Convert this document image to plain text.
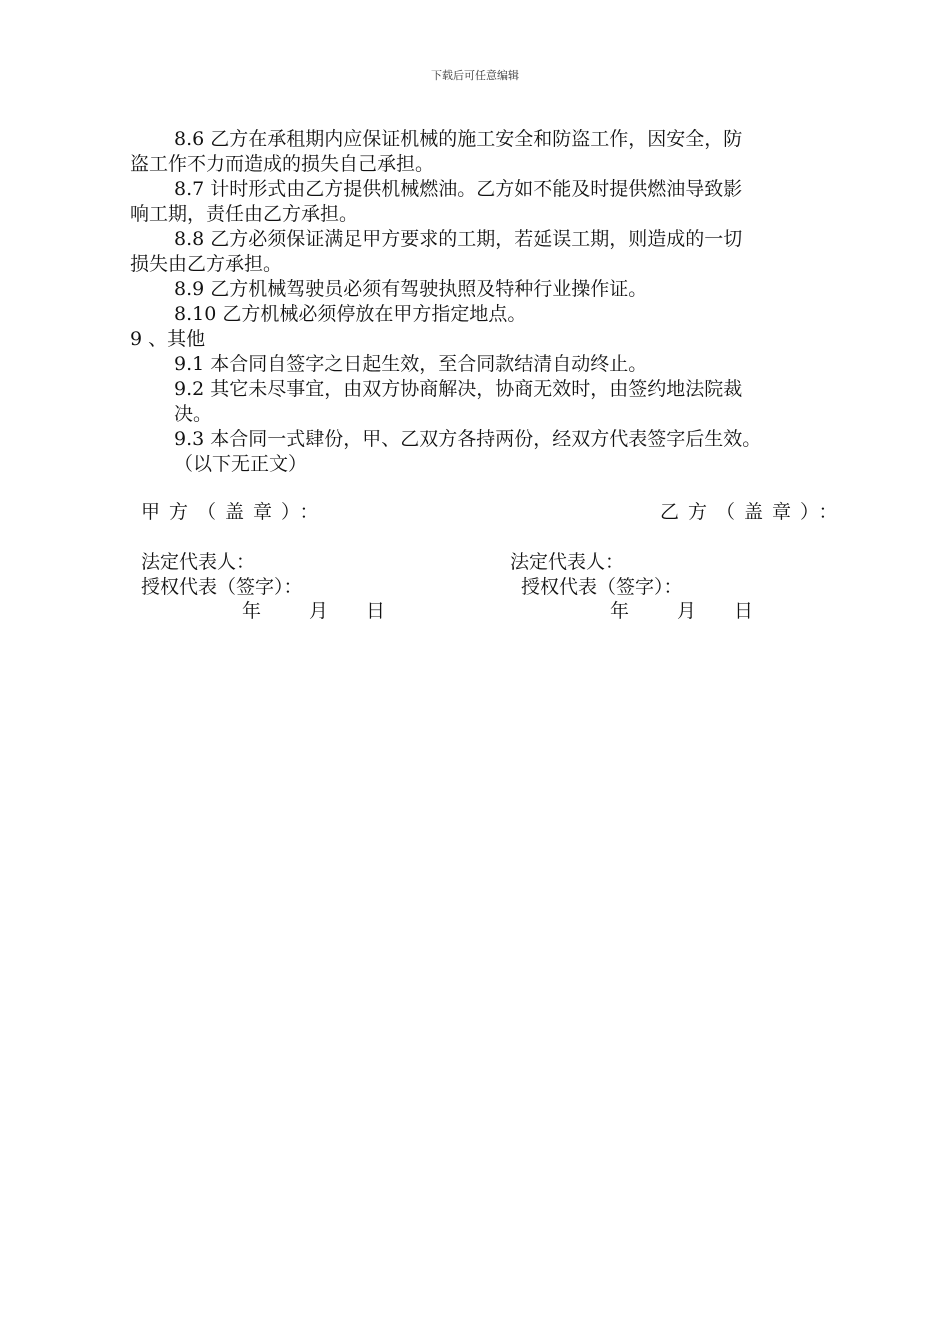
下载后可任意编辑
8.6 乙方在承租期内应保证机械的施工安全和防盗工作，因安全，防
盗工作不力而造成的损失自己承担。
8.7 计时形式由乙方提供机械燃油。乙方如不能及时提供燃油导致影
响工期，责任由乙方承担。
8.8 乙方必须保证满足甲方要求的工期，若延误工期，则造成的一切
损失由乙方承担。
8.9 乙方机械驾驶员必须有驾驶执照及特种行业操作证。
8.10 乙方机械必须停放在甲方指定地点。
9 、其他
9.1 本合同自签字之日起生效，至合同款结清自动终止。
9.2 其它未尽事宜，由双方协商解决，协商无效时，由签约地法院裁
决。
9.3 本合同一式肆份，甲、乙双方各持两份，经双方代表签字后生效。
（以下无正文）
甲方（盖章）：	乙方（盖章）：
法定代表人：	法定代表人：
授权代表（签字）：	授权代表（签字）：
年	月 日	年	月 日
